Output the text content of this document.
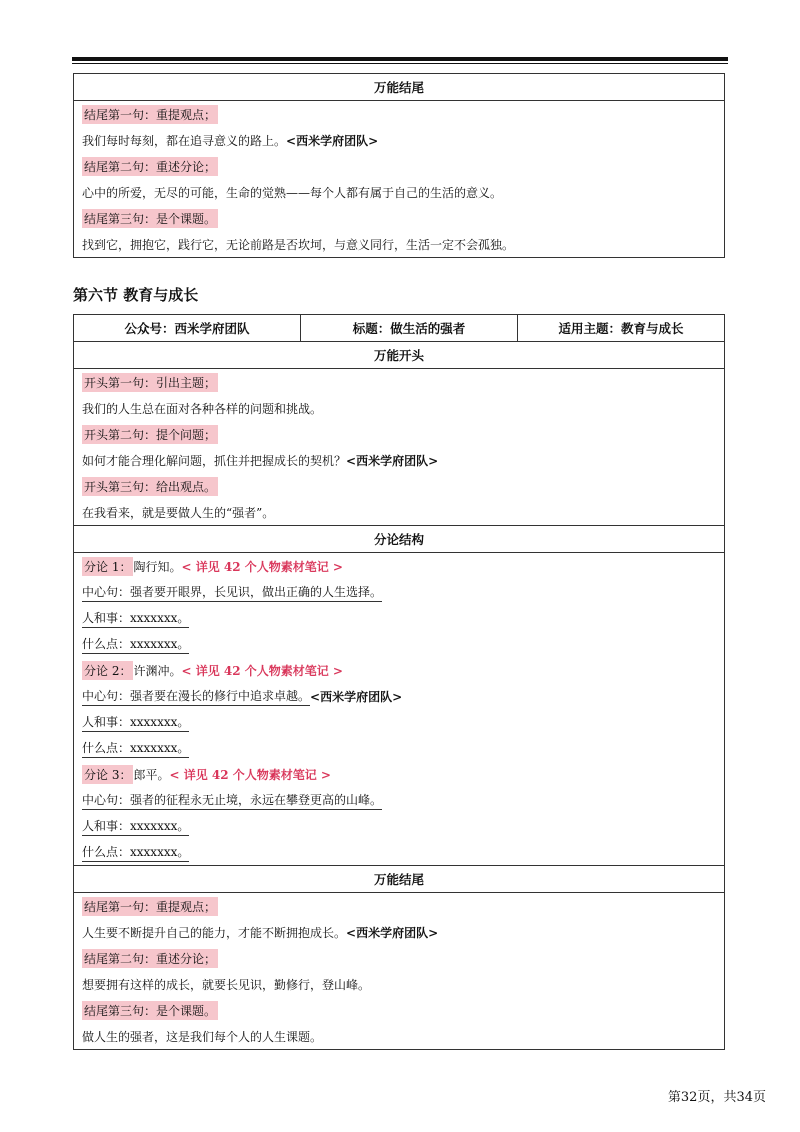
万能结尾
结尾第一句：重提观点；
我们每时每刻，都在追寻意义的路上。 <西米学府团队>
结尾第二句：重述分论；
心中的所爱，无尽的可能，生命的觉熟——每个人都有属于自己的生活的意义。
结尾第三句：是个课题。
找到它，拥抱它，践行它，无论前路是否坎坷，与意义同行，生活一定不会孤独。
第六节 教育与成长
公众号：西米学府团队	标题：做生活的强者	适用主题：教育与成长
万能开头
开头第一句：引出主题；
我们的人生总在面对各种各样的问题和挑战。
开头第二句：提个问题；
如何才能合理化解问题，抓住并把握成长的契机？ <西米学府团队>
开头第三句：给出观点。
在我看来，就是要做人生的“强者”。
分论结构
分论 1： 陶行知。 < 详见 42 个人物素材笔记 >
中心句：强者要开眼界，长见识，做出正确的人生选择。
人和事：xxxxxxx。
什么点：xxxxxxx。
分论 2： 许渊冲。 < 详见 42 个人物素材笔记 >
中心句：强者要在漫长的修行中追求卓越。 <西米学府团队>
人和事：xxxxxxx。
什么点：xxxxxxx。
分论 3： 郎平。 < 详见 42 个人物素材笔记 >
中心句：强者的征程永无止境，永远在攀登更高的山峰。
人和事：xxxxxxx。
什么点：xxxxxxx。
万能结尾
结尾第一句：重提观点；
人生要不断提升自己的能力，才能不断拥抱成长。 <西米学府团队>
结尾第二句：重述分论；
想要拥有这样的成长，就要长见识，勤修行，登山峰。
结尾第三句：是个课题。
做人生的强者，这是我们每个人的人生课题。
第32页，共34页
